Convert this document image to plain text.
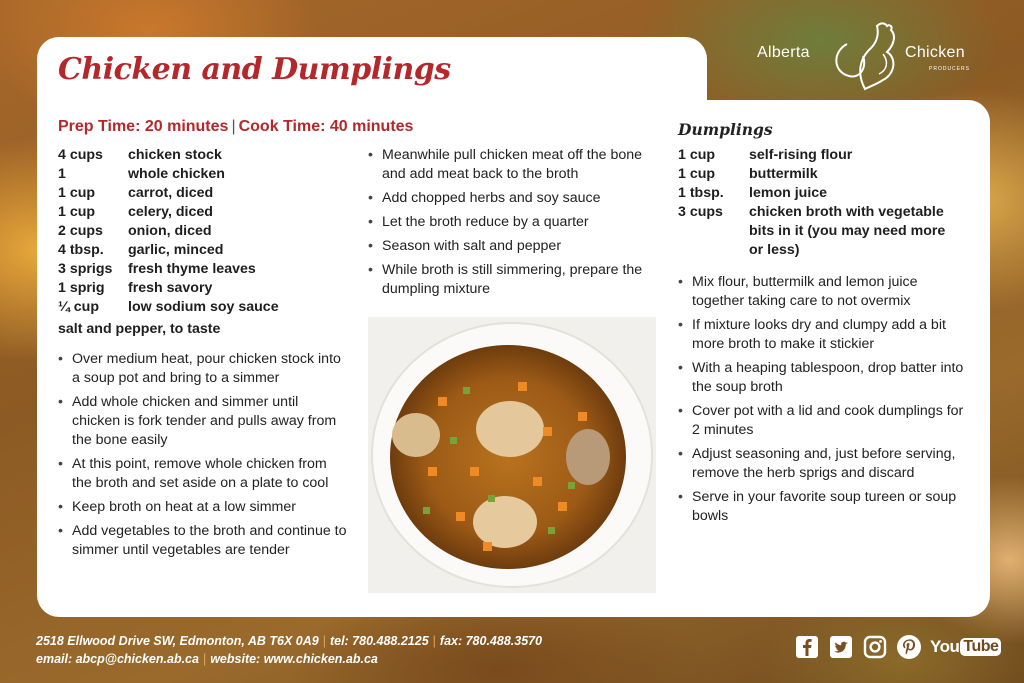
Alberta	Chicken
PRODUCERS
Chicken and Dumplings
Prep Time: 20 minutes | Cook Time: 40 minutes
4 cups	chicken stock
1	whole chicken
1 cup	carrot, diced
1 cup	celery, diced
2 cups	onion, diced
4 tbsp.	garlic, minced
3 sprigs	fresh thyme leaves
1 sprig	fresh savory
¼ cup	low sodium soy sauce
salt and pepper, to taste
• Over medium heat, pour chicken stock into a soup pot and bring to a simmer
• Add whole chicken and simmer until chicken is fork tender and pulls away from the bone easily
• At this point, remove whole chicken from the broth and set aside on a plate to cool
• Keep broth on heat at a low simmer
• Add vegetables to the broth and continue to simmer until vegetables are tender
• Meanwhile pull chicken meat off the bone and add meat back to the broth
• Add chopped herbs and soy sauce
• Let the broth reduce by a quarter
• Season with salt and pepper
• While broth is still simmering, prepare the dumpling mixture
Dumplings
1 cup	self-rising flour
1 cup	buttermilk
1 tbsp.	lemon juice
3 cups	chicken broth with vegetable bits in it (you may need more or less)
• Mix flour, buttermilk and lemon juice together taking care to not overmix
• If mixture looks dry and clumpy add a bit more broth to make it stickier
• With a heaping tablespoon, drop batter into the soup broth
• Cover pot with a lid and cook dumplings for 2 minutes
• Adjust seasoning and, just before serving, remove the herb sprigs and discard
• Serve in your favorite soup tureen or soup bowls
2518 Ellwood Drive SW, Edmonton, AB T6X 0A9 | tel: 780.488.2125 | fax: 780.488.3570
email: abcp@chicken.ab.ca | website: www.chicken.ab.ca
You Tube
